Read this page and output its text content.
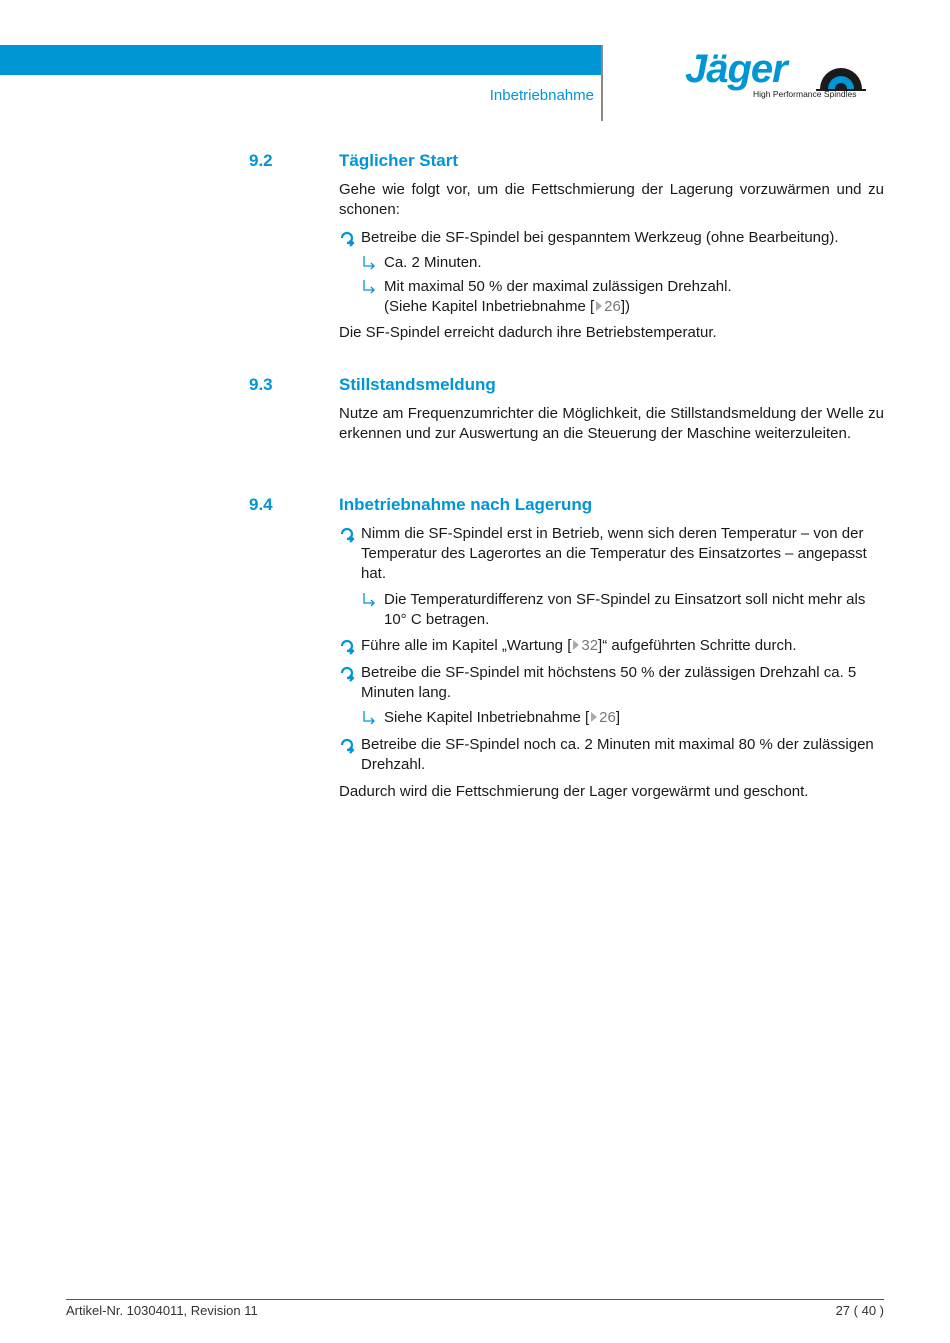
Inbetriebnahme
Jäger
High Performance Spindles
9.2	Täglicher Start
Gehe wie folgt vor, um die Fettschmierung der Lagerung vorzuwärmen und zu schonen:
Betreibe die SF-Spindel bei gespanntem Werkzeug (ohne Bearbeitung).
Ca. 2 Minuten.
Mit maximal 50 % der maximal zulässigen Drehzahl.
(Siehe Kapitel Inbetriebnahme [ 26])
Die SF-Spindel erreicht dadurch ihre Betriebstemperatur.
9.3	Stillstandsmeldung
Nutze am Frequenzumrichter die Möglichkeit, die Stillstandsmeldung der Welle zu erkennen und zur Auswertung an die Steuerung der Maschine weiterzuleiten.
9.4	Inbetriebnahme nach Lagerung
Nimm die SF-Spindel erst in Betrieb, wenn sich deren Temperatur – von der Temperatur des Lagerortes an die Temperatur des Einsatzortes – angepasst hat.
Die Temperaturdifferenz von SF-Spindel zu Einsatzort soll nicht mehr als 10° C betragen.
Führe alle im Kapitel „Wartung [ 32]“ aufgeführten Schritte durch.
Betreibe die SF-Spindel mit höchstens 50 % der zulässigen Drehzahl ca. 5 Minuten lang.
Siehe Kapitel Inbetriebnahme [ 26]
Betreibe die SF-Spindel noch ca. 2 Minuten mit maximal 80 % der zulässigen Drehzahl.
Dadurch wird die Fettschmierung der Lager vorgewärmt und geschont.
Artikel-Nr. 10304011, Revision 11	27 ( 40 )
